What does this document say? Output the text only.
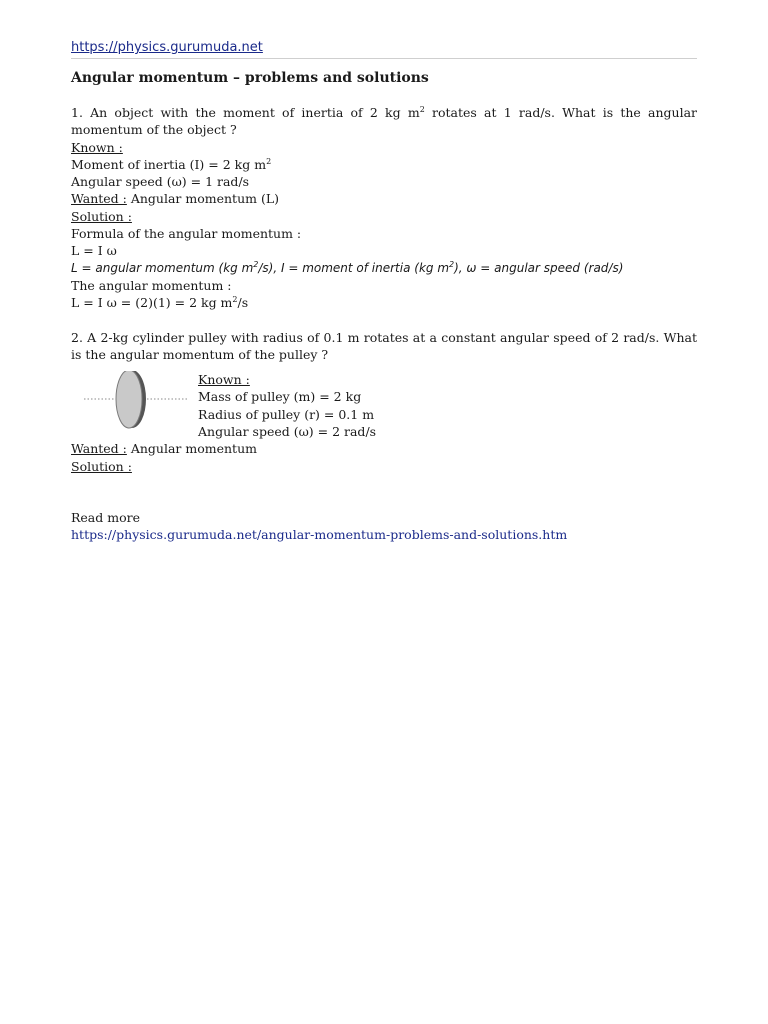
https://physics.gurumuda.net
Angular momentum – problems and solutions

1. An object with the moment of inertia of 2 kg $m^2$ rotates at 1 rad/s. What is the angular momentum of the object ?

Known :

Moment of inertia (I) = 2 kg $m^2$

Angular speed (ω) = 1 rad/s

Wanted : Angular momentum (L)

Solution :

Formula of the angular momentum :

L = I ω

L = angular momentum (kg $m^2/s$), I = moment of inertia (kg $m^2$), ω = angular speed (rad/s)

The angular momentum :

L = I ω = (2)(1) = 2 kg $m^2/s$

2. A 2-kg cylinder pulley with radius of 0.1 m rotates at a constant angular speed of 2 rad/s. What is the angular momentum of the pulley ?

Known :

Mass of pulley (m) = 2 kg

Radius of pulley (r) = 0.1 m

Angular speed (ω) = 2 rad/s

Wanted : Angular momentum

Solution :

Read more

https://physics.gurumuda.net/angular-momentum-problems-and-solutions.htm
